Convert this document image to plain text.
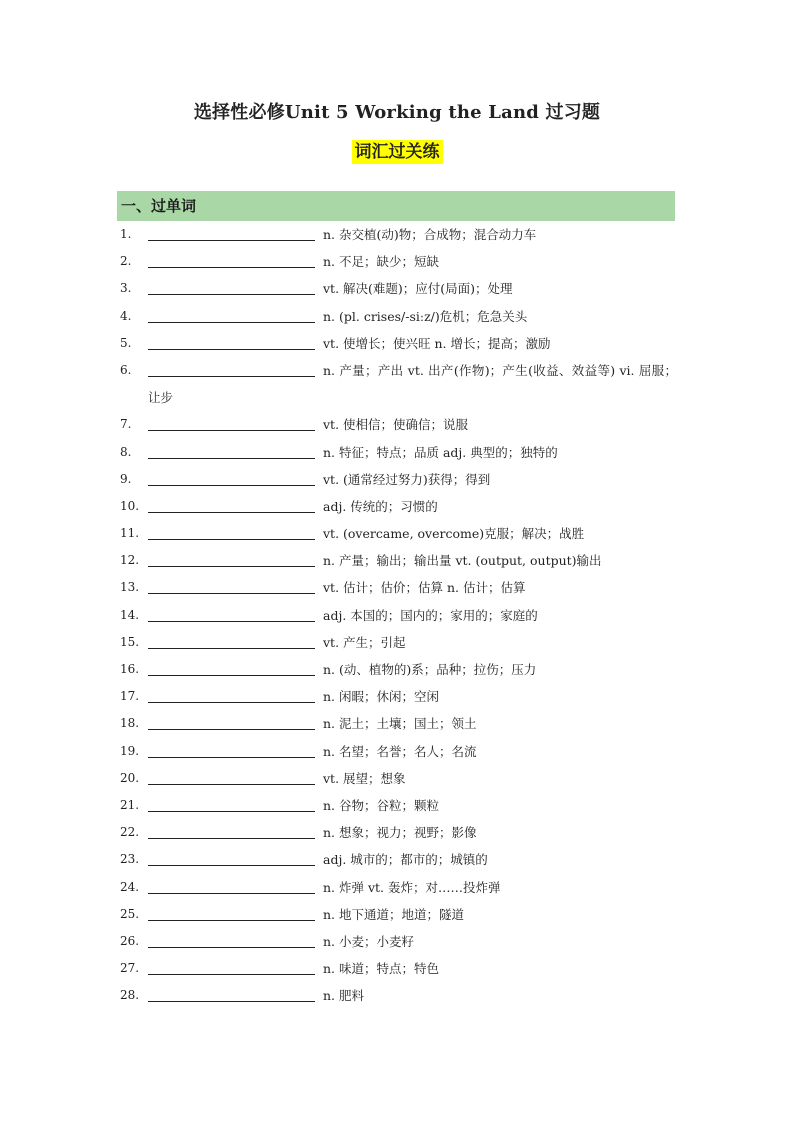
选择性必修Unit 5 Working the Land 过习题
词汇过关练
一、过单词
1.	n. 杂交植(动)物；合成物；混合动力车
2.	n. 不足；缺少；短缺
3.	vt. 解决(难题)；应付(局面)；处理
4.	n. (pl. crises/-siːz/)危机；危急关头
5.	vt. 使增长；使兴旺 n. 增长；提高；激励
6.	n. 产量；产出 vt. 出产(作物)；产生(收益、效益等) vi. 屈服；让步
7.	vt. 使相信；使确信；说服
8.	n. 特征；特点；品质 adj. 典型的；独特的
9.	vt. (通常经过努力)获得；得到
10.	adj. 传统的；习惯的
11.	vt. (overcame, overcome)克服；解决；战胜
12.	n. 产量；输出；输出量 vt. (output, output)输出
13.	vt. 估计；估价；估算 n. 估计；估算
14.	adj. 本国的；国内的；家用的；家庭的
15.	vt. 产生；引起
16.	n. (动、植物的)系；品种；拉伤；压力
17.	n. 闲暇；休闲；空闲
18.	n. 泥土；土壤；国土；领土
19.	n. 名望；名誉；名人；名流
20.	vt. 展望；想象
21.	n. 谷物；谷粒；颗粒
22.	n. 想象；视力；视野；影像
23.	adj. 城市的；都市的；城镇的
24.	n. 炸弹 vt. 轰炸；对……投炸弹
25.	n. 地下通道；地道；隧道
26.	n. 小麦；小麦籽
27.	n. 味道；特点；特色
28.	n. 肥料
